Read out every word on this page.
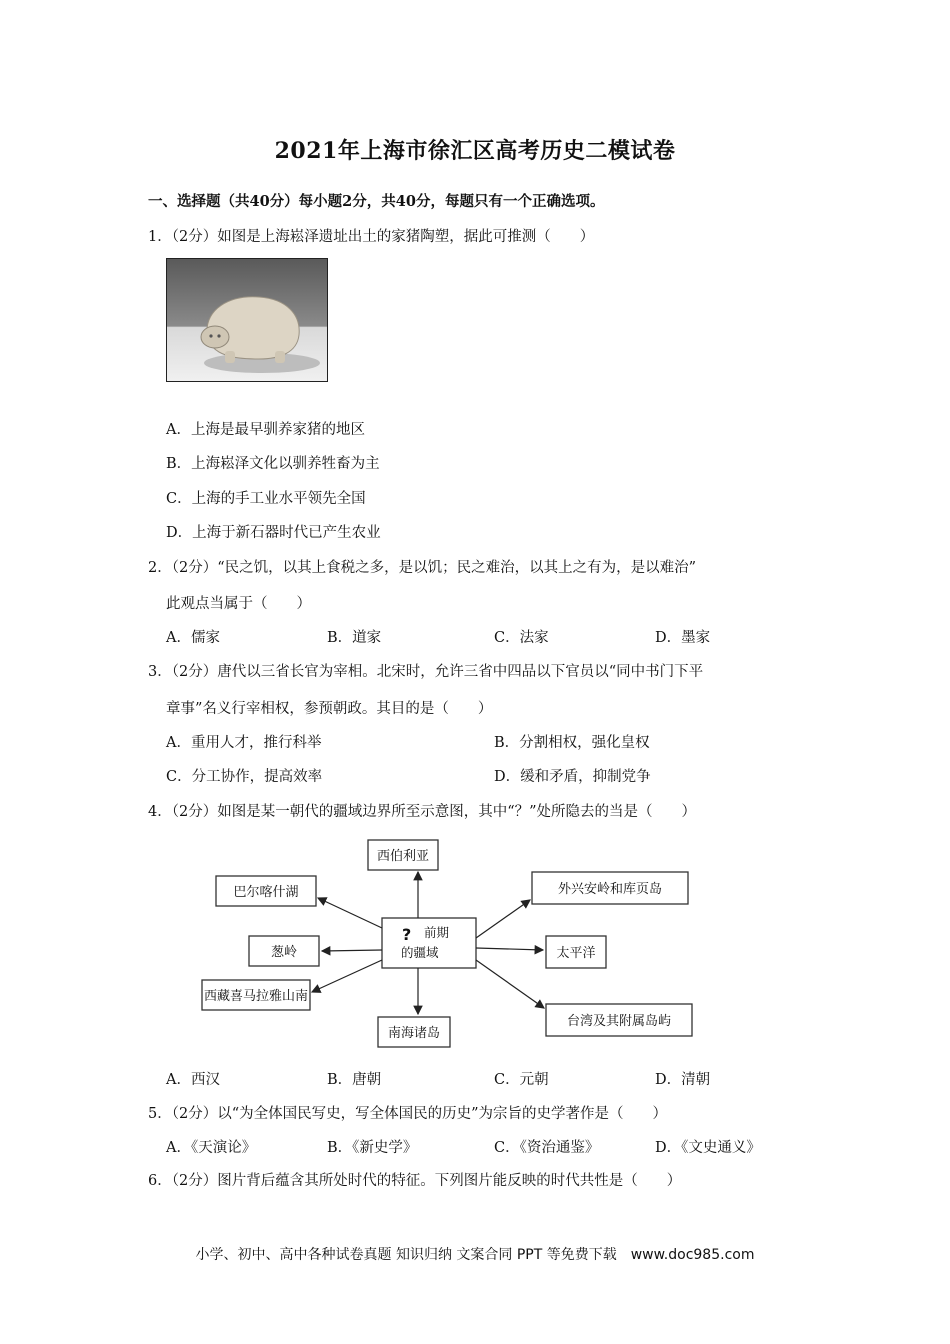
2021年上海市徐汇区高考历史二模试卷
一、选择题（共40分）每小题2分，共40分，每题只有一个正确选项。
1．（2分）如图是上海崧泽遗址出土的家猪陶塑，据此可推测（　　）
A．上海是最早驯养家猪的地区
B．上海崧泽文化以驯养牲畜为主
C．上海的手工业水平领先全国
D．上海于新石器时代已产生农业
2．（2分）“民之饥，以其上食税之多，是以饥；民之难治，以其上之有为，是以难治”
此观点当属于（　　）
A．儒家	B．道家	C．法家	D．墨家
3．（2分）唐代以三省长官为宰相。北宋时，允许三省中四品以下官员以“同中书门下平
章事”名义行宰相权，参预朝政。其目的是（　　）
A．重用人才，推行科举	B．分割相权，强化皇权
C．分工协作，提高效率	D．缓和矛盾，抑制党争
4．（2分）如图是某一朝代的疆域边界所至示意图，其中“？”处所隐去的当是（　　）
? 前期
的疆域
西伯利亚
巴尔喀什湖
葱岭
西藏喜马拉雅山南
南海诸岛
外兴安岭和库页岛
太平洋
台湾及其附属岛屿
A．西汉	B．唐朝	C．元朝	D．清朝
5．（2分）以“为全体国民写史，写全体国民的历史”为宗旨的史学著作是（　　）
A．《天演论》	B．《新史学》	C．《资治通鉴》	D．《文史通义》
6．（2分）图片背后蕴含其所处时代的特征。下列图片能反映的时代共性是（　　）
小学、初中、高中各种试卷真题 知识归纳 文案合同 PPT 等免费下载　www.doc985.com
